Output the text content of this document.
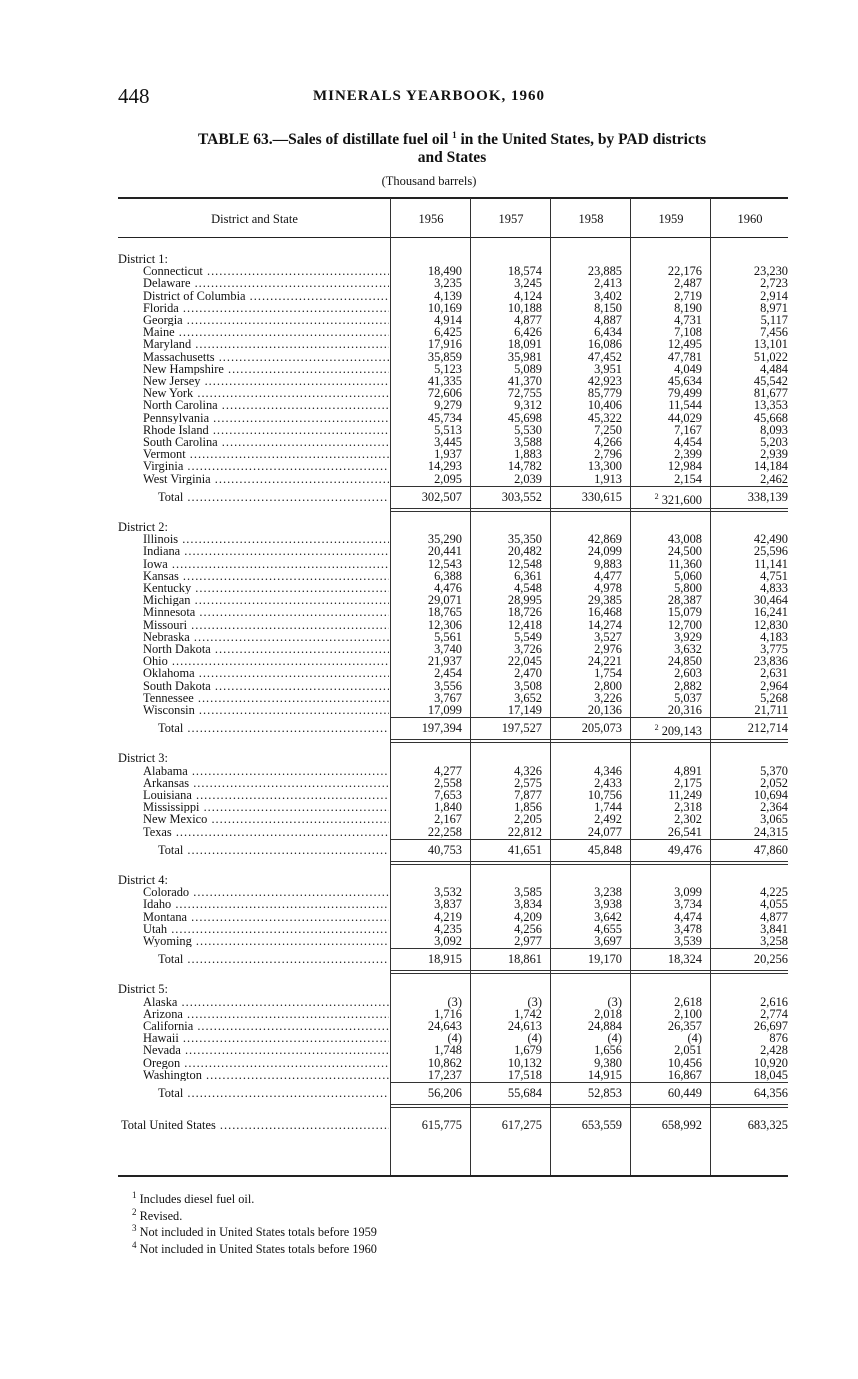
448	MINERALS YEARBOOK, 1960
TABLE 63.—Sales of distillate fuel oil $^1$ in the United States, by PAD districts
and States
(Thousand barrels)
District and State	1956	1957	1958	1959	1960
District 1:
Connecticut .....	18,490	18,574	23,885	22,176	23,230
Delaware .....	3,235	3,245	2,413	2,487	2,723
District of Columbia .....	4,139	4,124	3,402	2,719	2,914
Florida .....	10,169	10,188	8,150	8,190	8,971
Georgia .....	4,914	4,877	4,887	4,731	5,117
Maine .....	6,425	6,426	6,434	7,108	7,456
Maryland .....	17,916	18,091	16,086	12,495	13,101
Massachusetts .....	35,859	35,981	47,452	47,781	51,022
New Hampshire .....	5,123	5,089	3,951	4,049	4,484
New Jersey .....	41,335	41,370	42,923	45,634	45,542
New York .....	72,606	72,755	85,779	79,499	81,677
North Carolina .....	9,279	9,312	10,406	11,544	13,353
Pennsylvania .....	45,734	45,698	45,322	44,029	45,668
Rhode Island .....	5,513	5,530	7,250	7,167	8,093
South Carolina .....	3,445	3,588	4,266	4,454	5,203
Vermont .....	1,937	1,883	2,796	2,399	2,939
Virginia .....	14,293	14,782	13,300	12,984	14,184
West Virginia .....	2,095	2,039	1,913	2,154	2,462
Total .....	302,507	303,552	330,615	$^2$ 321,600	338,139
District 2:
Illinois .....	35,290	35,350	42,869	43,008	42,490
Indiana .....	20,441	20,482	24,099	24,500	25,596
Iowa .....	12,543	12,548	9,883	11,360	11,141
Kansas .....	6,388	6,361	4,477	5,060	4,751
Kentucky .....	4,476	4,548	4,978	5,800	4,833
Michigan .....	29,071	28,995	29,385	28,387	30,464
Minnesota .....	18,765	18,726	16,468	15,079	16,241
Missouri .....	12,306	12,418	14,274	12,700	12,830
Nebraska .....	5,561	5,549	3,527	3,929	4,183
North Dakota .....	3,740	3,726	2,976	3,632	3,775
Ohio .....	21,937	22,045	24,221	24,850	23,836
Oklahoma .....	2,454	2,470	1,754	2,603	2,631
South Dakota .....	3,556	3,508	2,800	2,882	2,964
Tennessee .....	3,767	3,652	3,226	5,037	5,268
Wisconsin .....	17,099	17,149	20,136	20,316	21,711
Total .....	197,394	197,527	205,073	$^2$ 209,143	212,714
District 3:
Alabama .....	4,277	4,326	4,346	4,891	5,370
Arkansas .....	2,558	2,575	2,433	2,175	2,052
Louisiana .....	7,653	7,877	10,756	11,249	10,694
Mississippi .....	1,840	1,856	1,744	2,318	2,364
New Mexico .....	2,167	2,205	2,492	2,302	3,065
Texas .....	22,258	22,812	24,077	26,541	24,315
Total .....	40,753	41,651	45,848	49,476	47,860
District 4:
Colorado .....	3,532	3,585	3,238	3,099	4,225
Idaho .....	3,837	3,834	3,938	3,734	4,055
Montana .....	4,219	4,209	3,642	4,474	4,877
Utah .....	4,235	4,256	4,655	3,478	3,841
Wyoming .....	3,092	2,977	3,697	3,539	3,258
Total .....	18,915	18,861	19,170	18,324	20,256
District 5:
Alaska .....	(3)	(3)	(3)	2,618	2,616
Arizona .....	1,716	1,742	2,018	2,100	2,774
California .....	24,643	24,613	24,884	26,357	26,697
Hawaii .....	(4)	(4)	(4)	(4)	876
Nevada .....	1,748	1,679	1,656	2,051	2,428
Oregon .....	10,862	10,132	9,380	10,456	10,920
Washington .....	17,237	17,518	14,915	16,867	18,045
Total .....	56,206	55,684	52,853	60,449	64,356
Total United States .....	615,775	617,275	653,559	658,992	683,325
$^1$ Includes diesel fuel oil.
$^2$ Revised.
$^3$ Not included in United States totals before 1959
$^4$ Not included in United States totals before 1960
